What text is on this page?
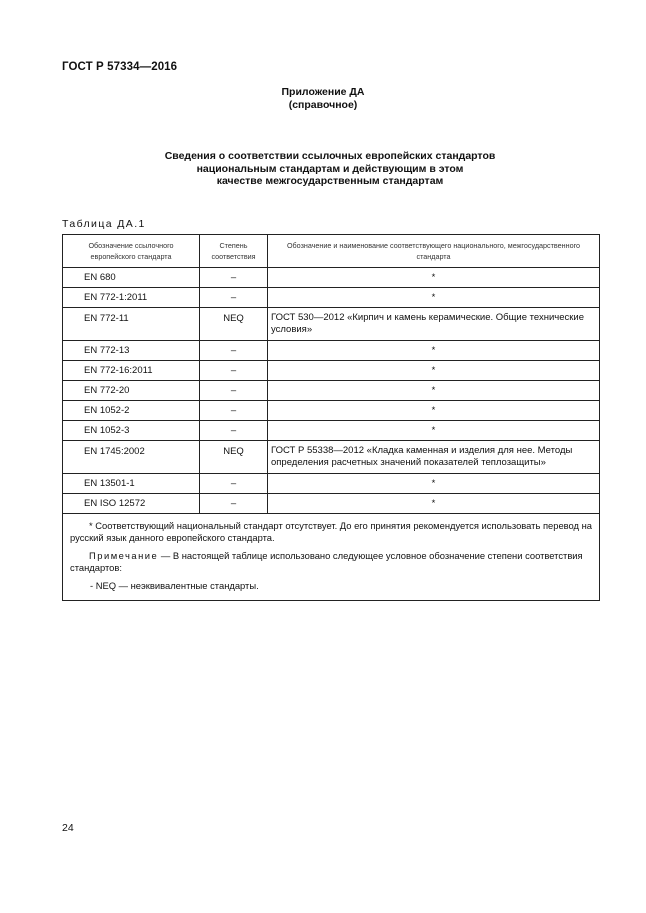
ГОСТ Р 57334—2016
Приложение ДА
(справочное)
Сведения о соответствии ссылочных европейских стандартов
национальным стандартам и действующим в этом
качестве межгосударственным стандартам
Таблица ДА.1
Обозначение ссылочного европейского стандарта	Степень соответствия	Обозначение и наименование соответствующего национального, межгосударственного стандарта
EN 680	–	*
EN 772-1:2011	–	*
EN 772-11	NEQ	ГОСТ 530—2012 «Кирпич и камень керамические. Общие технические условия»
EN 772-13	–	*
EN 772-16:2011	–	*
EN 772-20	–	*
EN 1052-2	–	*
EN 1052-3	–	*
EN 1745:2002	NEQ	ГОСТ Р 55338—2012 «Кладка каменная и изделия для нее. Методы определения расчетных значений показателей теплозащиты»
EN 13501-1	–	*
EN ISO 12572	–	*

* Соответствующий национальный стандарт отсутствует. До его принятия рекомендуется использовать перевод на русский язык данного европейского стандарта.

Примечание — В настоящей таблице использовано следующее условное обозначение степени соответствия стандартов:

- NEQ — неэквивалентные стандарты.		

24
